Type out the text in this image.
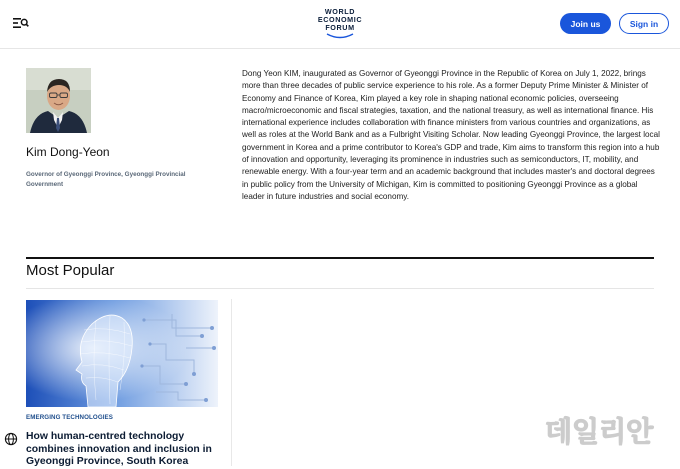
WORLD
ECONOMIC
FORUM	Join us	Sign in
Kim Dong-Yeon
Governor of Gyeonggi Province, Gyeonggi Provincial Government

Dong Yeon KIM, inaugurated as Governor of Gyeonggi Province in the Republic of Korea on July 1, 2022, brings more than three decades of public service experience to his role. As a former Deputy Prime Minister & Minister of Economy and Finance of Korea, Kim played a key role in shaping national economic policies, overseeing macro/microeconomic and fiscal strategies, taxation, and the national treasury, as well as international finance. His international experience includes collaboration with finance ministers from various countries and organizations, as well as roles at the World Bank and as a Fulbright Visiting Scholar. Now leading Gyeonggi Province, the largest local government in Korea and a prime contributor to Korea's GDP and trade, Kim aims to transform this region into a hub of innovation and opportunity, leveraging its prominence in industries such as semiconductors, IT, mobility, and renewable energy. With a four-year term and an academic background that includes master's and doctoral degrees in public policy from the University of Michigan, Kim is committed to positioning Gyeonggi Province as a global leader in future industries and social economy.

Most Popular
EMERGING TECHNOLOGIES
How human-centred technology combines innovation and inclusion in Gyeonggi Province, South Korea
데일리안
